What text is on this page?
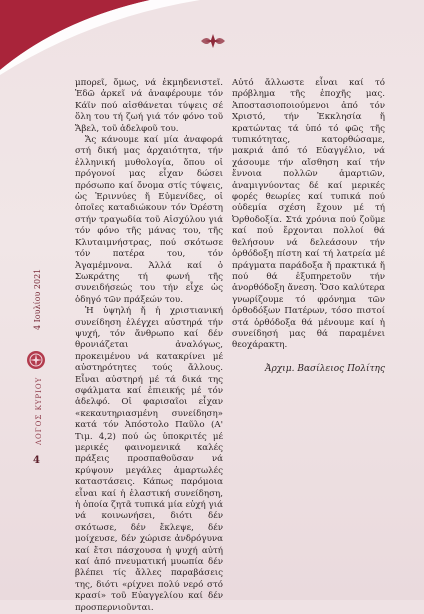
4 Ιουλίου 2021
ΛΟΓΟΣ ΚΥΡΙΟΥ
4

μπορεῖ, ὅμως, νά ἐκμηδενιστεῖ. Ἐδῶ ἀρκεῖ νά ἀναφέρουμε τόν Κάϊν πού αἰσθάνεται τύψεις σέ ὅλη του τή ζωή γιά τόν φόνο τοῦ Ἄβελ, τοῦ ἀδελφοῦ του.

Ἄς κάνουμε καί μία ἀναφορά στή δική μας ἀρχαιότητα, τήν ἑλληνική μυθολογία, ὅπου οἱ πρόγονοί μας εἶχαν δώσει πρόσωπο καί ὄνομα στίς τύψεις, ὡς Ἐριννύες ἤ Εὐμενίδες, οἱ ὁποῖες καταδιώκουν τόν Ὀρέστη στήν τραγωδία τοῦ Αἰσχύλου γιά τόν φόνο τῆς μάνας του, τῆς Κλυταιμνήστρας, πού σκότωσε τόν πατέρα του, τόν Ἀγαμέμνονα. Ἀλλά καί ὁ Σωκράτης τή φωνή τῆς συνειδήσεώς του τήν εἶχε ὡς ὁδηγό τῶν πράξεών του.

Ἡ ὑψηλή ἤ ἡ χριστιανική συνείδηση ἐλέγχει αὐστηρά τήν ψυχή, τόν ἄνθρωπο καί δέν θρονιάζεται ἀναλόγως, προκειμένου νά κατακρίνει μέ αὐστηρότητες τούς ἄλλους. Εἶναι αὐστηρή μέ τά δικά της σφάλματα καί ἐπιεικής μέ τόν ἀδελφό. Οἱ φαρισαῖοι εἶχαν «κεκαυτηριασμένη συνείδηση» κατά τόν Ἀπόστολο Παῦλο (Α' Τιμ. 4,2) πού ὡς ὑποκριτές μέ μερικές φαινομενικά καλές πράξεις προσπαθοῦσαν νά κρύψουν μεγάλες ἁμαρτωλές καταστάσεις. Κάπως παρόμοια εἶναι καί ἡ ἐλαστική συνείδηση, ἡ ὁποία ζητᾶ τυπικά μία εὐχή γιά νά κοινωνήσει, διότι δέν σκότωσε, δέν ἔκλεψε, δέν μοίχευσε, δέν χώρισε ἀνδρόγυνα καί ἔτσι πάσχουσα ἡ ψυχή αὐτή καί ἀπό πνευματική μυωπία δέν βλέπει τίς ἄλλες παραβάσεις της, διότι «ρίχνει πολύ νερό στό κρασί» τοῦ Εὐαγγελίου καί δέν προσπερνιοῦνται.

Αὐτό ἄλλωστε εἶναι καί τό πρόβλημα τῆς ἐποχῆς μας. Ἀποστασιοποιούμενοι ἀπό τόν Χριστό, τήν Ἐκκλησία ἤ κρατώντας τά ὑπό τό φῶς τῆς τυπικότητας, κατορθώσαμε, μακριά ἀπό τό Εὐαγγέλιο, νά χάσουμε τήν αἴσθηση καί τήν ἔννοια πολλῶν ἁμαρτιῶν, ἀναμιγνύοντας δέ καί μερικές φορές θεωρίες καί τυπικά πού οὐδεμία σχέση ἔχουν μέ τή Ὀρθοδοξία. Στά χρόνια πού ζοῦμε καί πού ἔρχονται πολλοί θά θελήσουν νά δελεάσουν τήν ὀρθόδοξη πίστη καί τή λατρεία μέ πράγματα παράδοξα ἤ πρακτικά ἤ πού θά ἐξυπηρετοῦν τήν ἀνορθόδοξη ἄνεση. Ὅσο καλύτερα γνωρίζουμε τό φρόνημα τῶν ὀρθοδόξων Πατέρων, τόσο πιστοί στά ὀρθόδοξα θά μένουμε καί ἡ συνείδησή μας θά παραμένει θεοχάρακτη.

Ἀρχιμ. Βασίλειος Πολίτης
